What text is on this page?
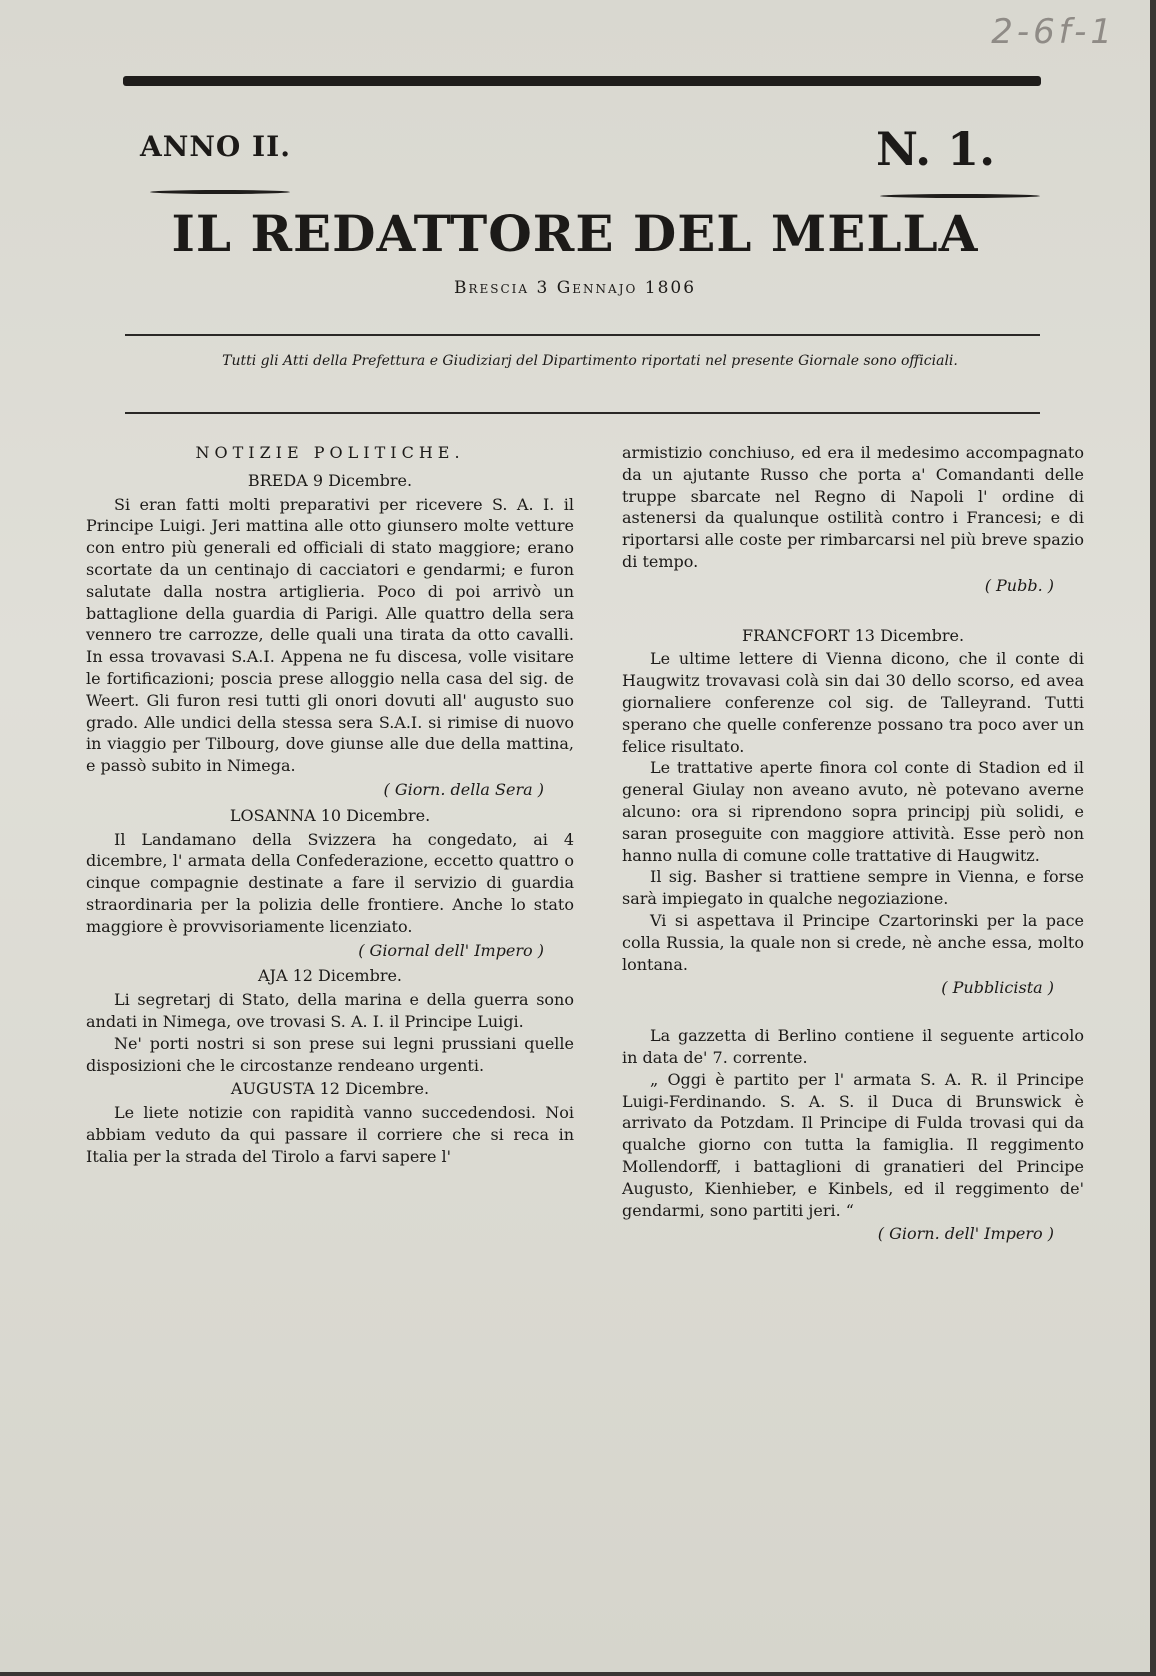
2-6f-1
ANNO II.	N. 1.
IL REDATTORE DEL MELLA
Brescia 3 Gennajo 1806
Tutti gli Atti della Prefettura e Giudiziarj del Dipartimento riportati nel presente Giornale sono officiali.
NOTIZIE POLITICHE.
BREDA 9 Dicembre.

Si eran fatti molti preparativi per ricevere S. A. I. il Principe Luigi. Jeri mattina alle otto giunsero molte vetture con entro più generali ed officiali di stato maggiore; erano scortate da un centinajo di cacciatori e gendarmi; e furon salutate dalla nostra artiglieria. Poco di poi arrivò un battaglione della guardia di Parigi. Alle quattro della sera vennero tre carrozze, delle quali una tirata da otto cavalli. In essa trovavasi S.A.I. Appena ne fu discesa, volle visitare le fortificazioni; poscia prese alloggio nella casa del sig. de Weert. Gli furon resi tutti gli onori dovuti all' augusto suo grado. Alle undici della stessa sera S.A.I. si rimise di nuovo in viaggio per Tilbourg, dove giunse alle due della mattina, e passò subito in Nimega.

( Giorn. della Sera )
LOSANNA 10 Dicembre.

Il Landamano della Svizzera ha congedato, ai 4 dicembre, l' armata della Confederazione, eccetto quattro o cinque compagnie destinate a fare il servizio di guardia straordinaria per la polizia delle frontiere. Anche lo stato maggiore è provvisoriamente licenziato.

( Giornal dell' Impero )
AJA 12 Dicembre.

Li segretarj di Stato, della marina e della guerra sono andati in Nimega, ove trovasi S. A. I. il Principe Luigi.

Ne' porti nostri si son prese sui legni prussiani quelle disposizioni che le circostanze rendeano urgenti.

AUGUSTA 12 Dicembre.

Le liete notizie con rapidità vanno succedendosi. Noi abbiam veduto da qui passare il corriere che si reca in Italia per la strada del Tirolo a farvi sapere l'

armistizio conchiuso, ed era il medesimo accompagnato da un ajutante Russo che porta a' Comandanti delle truppe sbarcate nel Regno di Napoli l' ordine di astenersi da qualunque ostilità contro i Francesi; e di riportarsi alle coste per rimbarcarsi nel più breve spazio di tempo.

( Pubb. )
FRANCFORT 13 Dicembre.

Le ultime lettere di Vienna dicono, che il conte di Haugwitz trovavasi colà sin dai 30 dello scorso, ed avea giornaliere conferenze col sig. de Talleyrand. Tutti sperano che quelle conferenze possano tra poco aver un felice risultato.

Le trattative aperte finora col conte di Stadion ed il general Giulay non aveano avuto, nè potevano averne alcuno: ora si riprendono sopra principj più solidi, e saran proseguite con maggiore attività. Esse però non hanno nulla di comune colle trattative di Haugwitz.

Il sig. Basher si trattiene sempre in Vienna, e forse sarà impiegato in qualche negoziazione.

Vi si aspettava il Principe Czartorinski per la pace colla Russia, la quale non si crede, nè anche essa, molto lontana.

( Pubblicista )

La gazzetta di Berlino contiene il seguente articolo in data de' 7. corrente.

„ Oggi è partito per l' armata S. A. R. il Principe Luigi-Ferdinando. S. A. S. il Duca di Brunswick è arrivato da Potzdam. Il Principe di Fulda trovasi qui da qualche giorno con tutta la famiglia. Il reggimento Mollendorff, i battaglioni di granatieri del Principe Augusto, Kienhieber, e Kinbels, ed il reggimento de' gendarmi, sono partiti jeri. “

( Giorn. dell' Impero )
